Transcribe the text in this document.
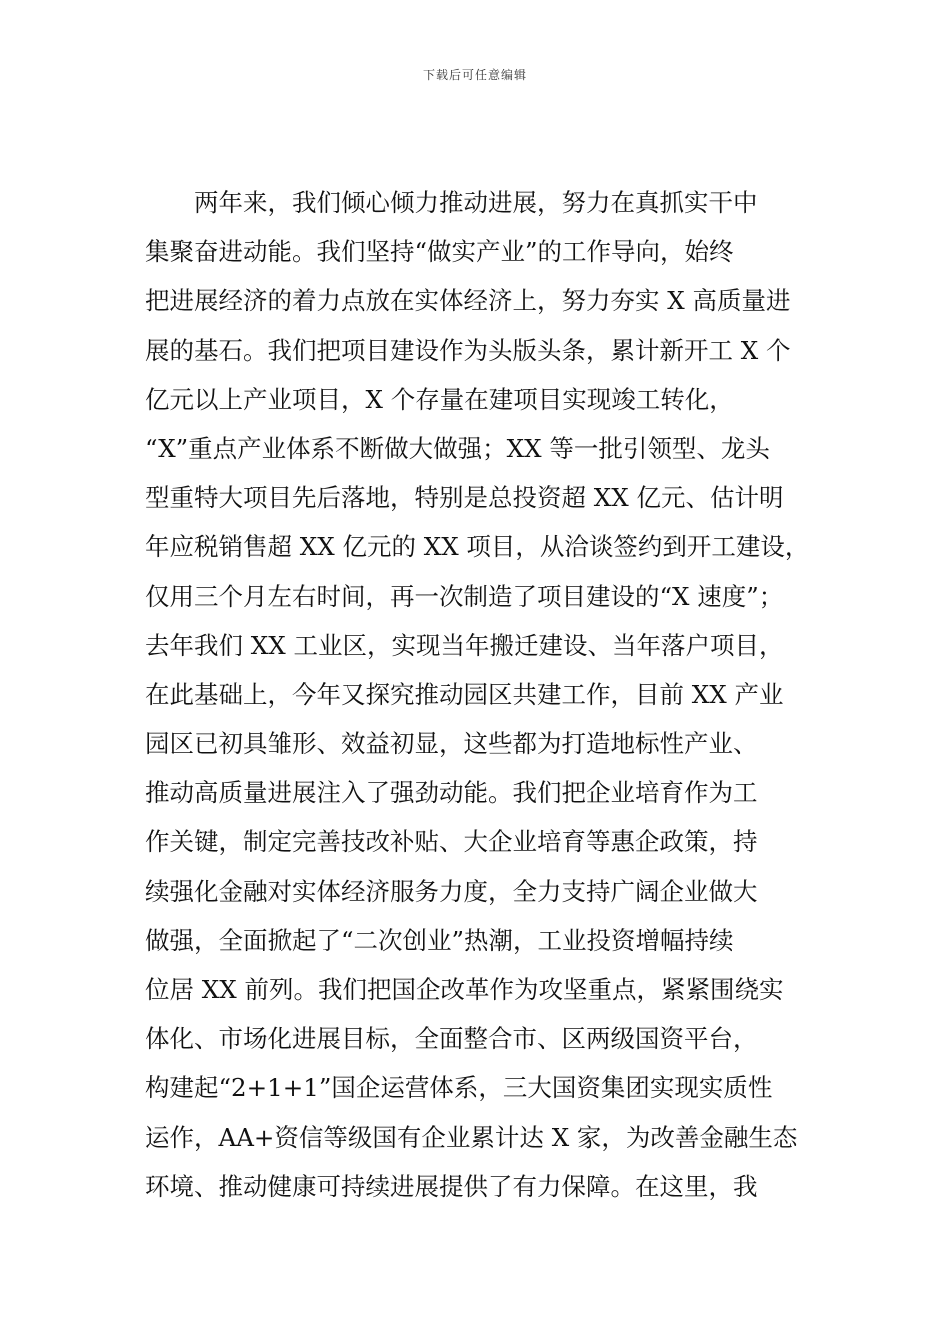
下载后可任意编辑
两年来，我们倾心倾力推动进展，努力在真抓实干中
集聚奋进动能。我们坚持“做实产业”的工作导向，始终
把进展经济的着力点放在实体经济上，努力夯实 X 高质量进
展的基石。我们把项目建设作为头版头条，累计新开工 X 个
亿元以上产业项目，X 个存量在建项目实现竣工转化，
“X”重点产业体系不断做大做强；XX 等一批引领型、龙头
型重特大项目先后落地，特别是总投资超 XX 亿元、估计明
年应税销售超 XX 亿元的 XX 项目，从洽谈签约到开工建设，
仅用三个月左右时间，再一次制造了项目建设的“X 速度”；
去年我们 XX 工业区，实现当年搬迁建设、当年落户项目，
在此基础上，今年又探究推动园区共建工作，目前 XX 产业
园区已初具雏形、效益初显，这些都为打造地标性产业、
推动高质量进展注入了强劲动能。我们把企业培育作为工
作关键，制定完善技改补贴、大企业培育等惠企政策，持
续强化金融对实体经济服务力度，全力支持广阔企业做大
做强，全面掀起了“二次创业”热潮，工业投资增幅持续
位居 XX 前列。我们把国企改革作为攻坚重点，紧紧围绕实
体化、市场化进展目标，全面整合市、区两级国资平台，
构建起“2+1+1”国企运营体系，三大国资集团实现实质性
运作，AA+资信等级国有企业累计达 X 家，为改善金融生态
环境、推动健康可持续进展提供了有力保障。在这里，我
